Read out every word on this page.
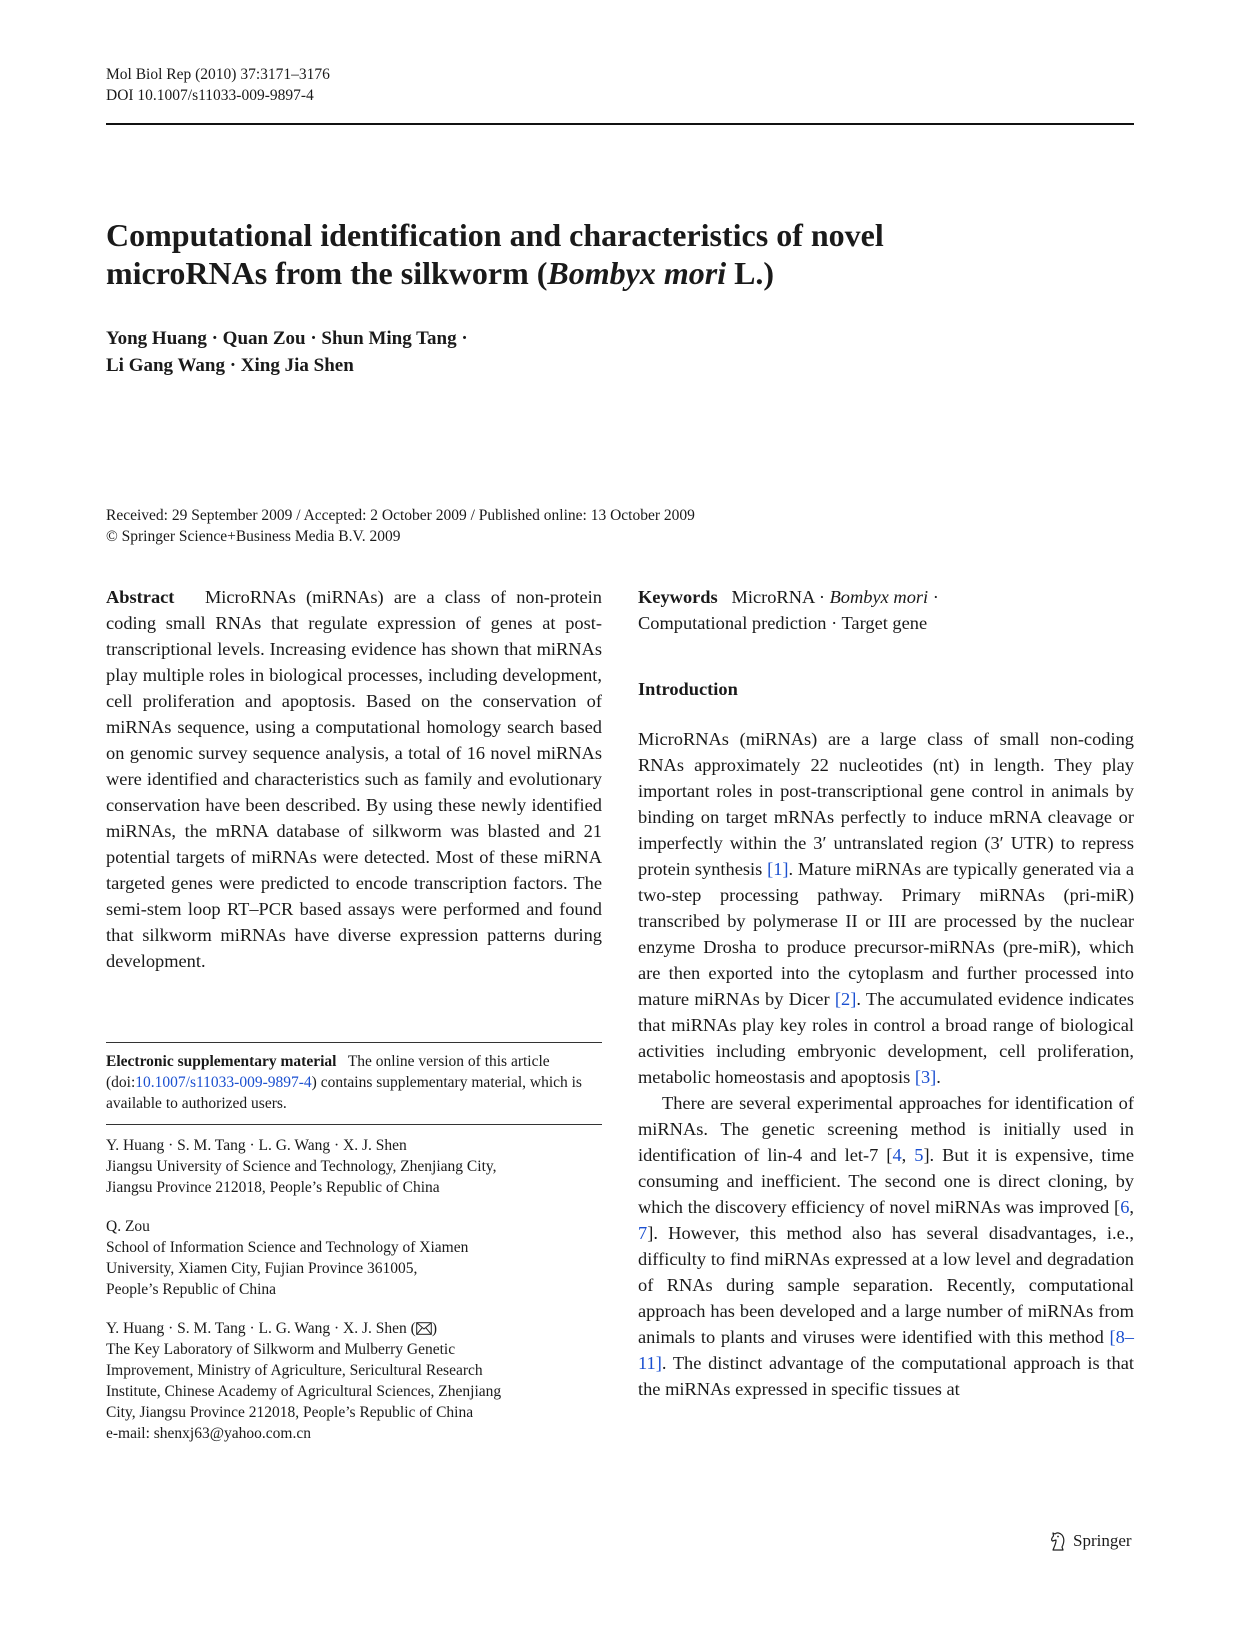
Mol Biol Rep (2010) 37:3171–3176
DOI 10.1007/s11033-009-9897-4
Computational identification and characteristics of novel
microRNAs from the silkworm (Bombyx mori L.)
Yong Huang · Quan Zou · Shun Ming Tang ·
Li Gang Wang · Xing Jia Shen
Received: 29 September 2009 / Accepted: 2 October 2009 / Published online: 13 October 2009
© Springer Science+Business Media B.V. 2009

Abstract MicroRNAs (miRNAs) are a class of non-protein coding small RNAs that regulate expression of genes at post-transcriptional levels. Increasing evidence has shown that miRNAs play multiple roles in biological processes, including development, cell proliferation and apoptosis. Based on the conservation of miRNAs sequence, using a computational homology search based on genomic survey sequence analysis, a total of 16 novel miRNAs were identified and characteristics such as family and evolutionary conservation have been described. By using these newly identified miRNAs, the mRNA database of silkworm was blasted and 21 potential targets of miRNAs were detected. Most of these miRNA targeted genes were predicted to encode transcription factors. The semi-stem loop RT–PCR based assays were performed and found that silkworm miRNAs have diverse expression patterns during development.

Electronic supplementary material The online version of this article (doi:10.1007/s11033-009-9897-4) contains supplementary material, which is available to authorized users.

Y. Huang · S. M. Tang · L. G. Wang · X. J. Shen

Jiangsu University of Science and Technology, Zhenjiang City,

Jiangsu Province 212018, People’s Republic of China

Q. Zou

School of Information Science and Technology of Xiamen

University, Xiamen City, Fujian Province 361005,

People’s Republic of China

Y. Huang · S. M. Tang · L. G. Wang · X. J. Shen ( )

The Key Laboratory of Silkworm and Mulberry Genetic

Improvement, Ministry of Agriculture, Sericultural Research

Institute, Chinese Academy of Agricultural Sciences, Zhenjiang

City, Jiangsu Province 212018, People’s Republic of China

e-mail: shenxj63@yahoo.com.cn

Keywords MicroRNA · Bombyx mori ·
Computational prediction · Target gene

Introduction

MicroRNAs (miRNAs) are a large class of small non-coding RNAs approximately 22 nucleotides (nt) in length. They play important roles in post-transcriptional gene control in animals by binding on target mRNAs perfectly to induce mRNA cleavage or imperfectly within the 3′ untranslated region (3′ UTR) to repress protein synthesis [1]. Mature miRNAs are typically generated via a two-step processing pathway. Primary miRNAs (pri-miR) transcribed by polymerase II or III are processed by the nuclear enzyme Drosha to produce precursor-miRNAs (pre-miR), which are then exported into the cytoplasm and further processed into mature miRNAs by Dicer [2]. The accumulated evidence indicates that miRNAs play key roles in control a broad range of biological activities including embryonic development, cell proliferation, metabolic homeostasis and apoptosis [3].

There are several experimental approaches for identification of miRNAs. The genetic screening method is initially used in identification of lin-4 and let-7 [4, 5]. But it is expensive, time consuming and inefficient. The second one is direct cloning, by which the discovery efficiency of novel miRNAs was improved [6, 7]. However, this method also has several disadvantages, i.e., difficulty to find miRNAs expressed at a low level and degradation of RNAs during sample separation. Recently, computational approach has been developed and a large number of miRNAs from animals to plants and viruses were identified with this method [8–11]. The distinct advantage of the computational approach is that the miRNAs expressed in specific tissues at

Springer
